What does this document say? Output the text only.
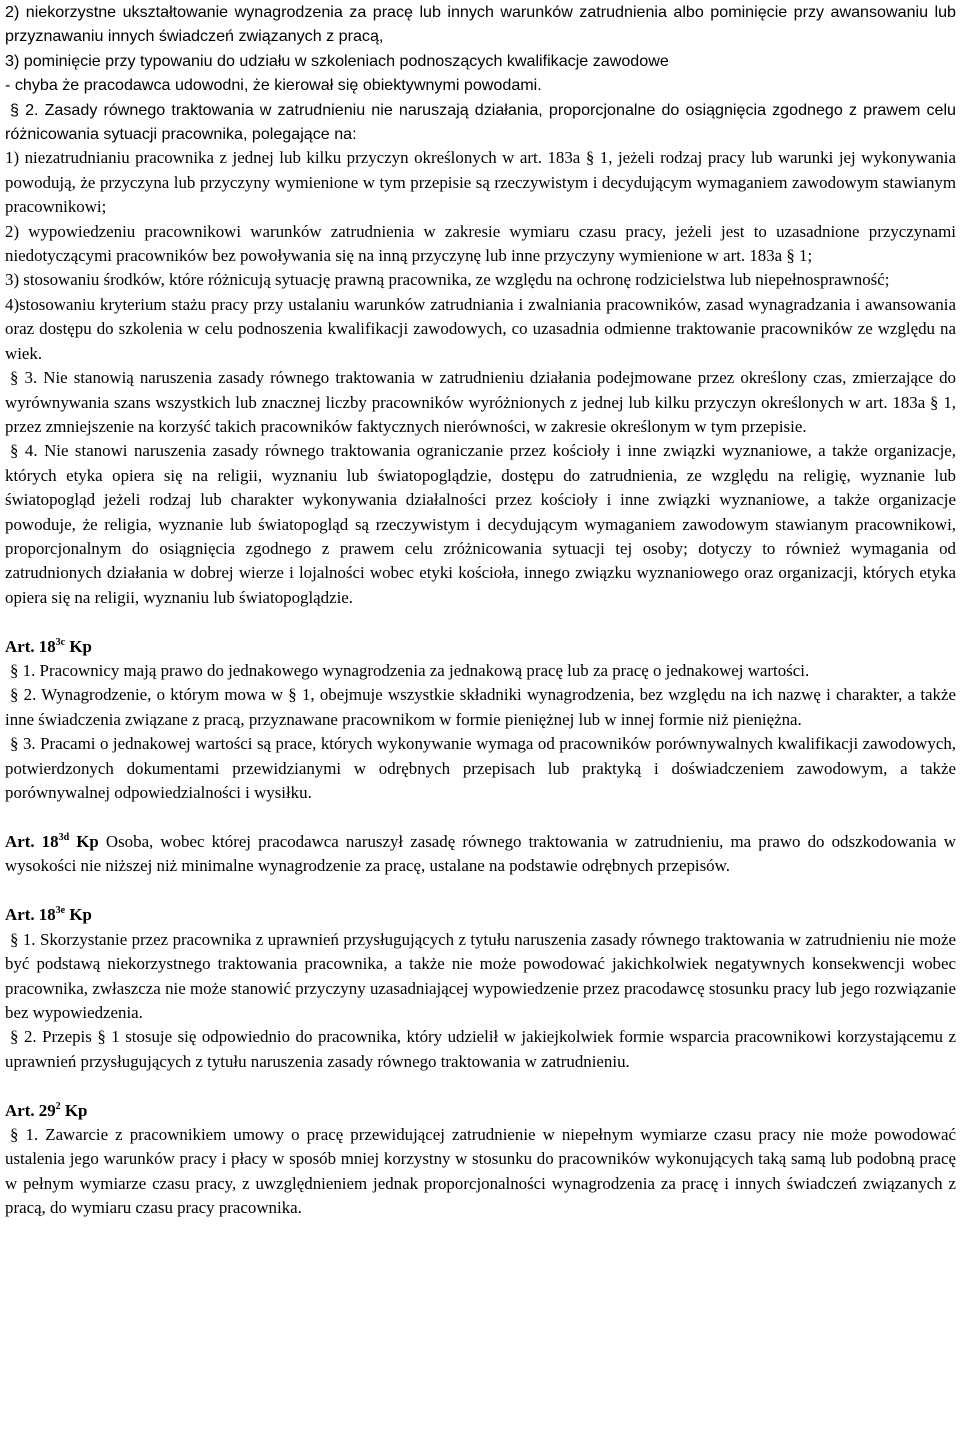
2) niekorzystne ukształtowanie wynagrodzenia za pracę lub innych warunków zatrudnienia albo pominięcie przy awansowaniu lub przyznawaniu innych świadczeń związanych z pracą,

3) pominięcie przy typowaniu do udziału w szkoleniach podnoszących kwalifikacje zawodowe

- chyba że pracodawca udowodni, że kierował się obiektywnymi powodami.

§ 2. Zasady równego traktowania w zatrudnieniu nie naruszają działania, proporcjonalne do osiągnięcia zgodnego z prawem celu różnicowania sytuacji pracownika, polegające na:

1) niezatrudnianiu pracownika z jednej lub kilku przyczyn określonych w art. 183a § 1, jeżeli rodzaj pracy lub warunki jej wykonywania powodują, że przyczyna lub przyczyny wymienione w tym przepisie są rzeczywistym i decydującym wymaganiem zawodowym stawianym pracownikowi;

2) wypowiedzeniu pracownikowi warunków zatrudnienia w zakresie wymiaru czasu pracy, jeżeli jest to uzasadnione przyczynami niedotyczącymi pracowników bez powoływania się na inną przyczynę lub inne przyczyny wymienione w art. 183a § 1;

3) stosowaniu środków, które różnicują sytuację prawną pracownika, ze względu na ochronę rodzicielstwa lub niepełnosprawność;

4)stosowaniu kryterium stażu pracy przy ustalaniu warunków zatrudniania i zwalniania pracowników, zasad wynagradzania i awansowania oraz dostępu do szkolenia w celu podnoszenia kwalifikacji zawodowych, co uzasadnia odmienne traktowanie pracowników ze względu na wiek.

§ 3. Nie stanowią naruszenia zasady równego traktowania w zatrudnieniu działania podejmowane przez określony czas, zmierzające do wyrównywania szans wszystkich lub znacznej liczby pracowników wyróżnionych z jednej lub kilku przyczyn określonych w art. 183a § 1, przez zmniejszenie na korzyść takich pracowników faktycznych nierówności, w zakresie określonym w tym przepisie.

§ 4. Nie stanowi naruszenia zasady równego traktowania ograniczanie przez kościoły i inne związki wyznaniowe, a także organizacje, których etyka opiera się na religii, wyznaniu lub światopoglądzie, dostępu do zatrudnienia, ze względu na religię, wyznanie lub światopogląd jeżeli rodzaj lub charakter wykonywania działalności przez kościoły i inne związki wyznaniowe, a także organizacje powoduje, że religia, wyznanie lub światopogląd są rzeczywistym i decydującym wymaganiem zawodowym stawianym pracownikowi, proporcjonalnym do osiągnięcia zgodnego z prawem celu zróżnicowania sytuacji tej osoby; dotyczy to również wymagania od zatrudnionych działania w dobrej wierze i lojalności wobec etyki kościoła, innego związku wyznaniowego oraz organizacji, których etyka opiera się na religii, wyznaniu lub światopoglądzie.

Art. $18^{3c}$ Kp

§ 1. Pracownicy mają prawo do jednakowego wynagrodzenia za jednakową pracę lub za pracę o jednakowej wartości.

§ 2. Wynagrodzenie, o którym mowa w § 1, obejmuje wszystkie składniki wynagrodzenia, bez względu na ich nazwę i charakter, a także inne świadczenia związane z pracą, przyznawane pracownikom w formie pieniężnej lub w innej formie niż pieniężna.

§ 3. Pracami o jednakowej wartości są prace, których wykonywanie wymaga od pracowników porównywalnych kwalifikacji zawodowych, potwierdzonych dokumentami przewidzianymi w odrębnych przepisach lub praktyką i doświadczeniem zawodowym, a także porównywalnej odpowiedzialności i wysiłku.

Art. $18^{3d}$ Kp Osoba, wobec której pracodawca naruszył zasadę równego traktowania w zatrudnieniu, ma prawo do odszkodowania w wysokości nie niższej niż minimalne wynagrodzenie za pracę, ustalane na podstawie odrębnych przepisów.

Art. $18^{3e}$ Kp

§ 1. Skorzystanie przez pracownika z uprawnień przysługujących z tytułu naruszenia zasady równego traktowania w zatrudnieniu nie może być podstawą niekorzystnego traktowania pracownika, a także nie może powodować jakichkolwiek negatywnych konsekwencji wobec pracownika, zwłaszcza nie może stanowić przyczyny uzasadniającej wypowiedzenie przez pracodawcę stosunku pracy lub jego rozwiązanie bez wypowiedzenia.

§ 2. Przepis § 1 stosuje się odpowiednio do pracownika, który udzielił w jakiejkolwiek formie wsparcia pracownikowi korzystającemu z uprawnień przysługujących z tytułu naruszenia zasady równego traktowania w zatrudnieniu.

Art. $29^2$ Kp

§ 1. Zawarcie z pracownikiem umowy o pracę przewidującej zatrudnienie w niepełnym wymiarze czasu pracy nie może powodować ustalenia jego warunków pracy i płacy w sposób mniej korzystny w stosunku do pracowników wykonujących taką samą lub podobną pracę w pełnym wymiarze czasu pracy, z uwzględnieniem jednak proporcjonalności wynagrodzenia za pracę i innych świadczeń związanych z pracą, do wymiaru czasu pracy pracownika.
